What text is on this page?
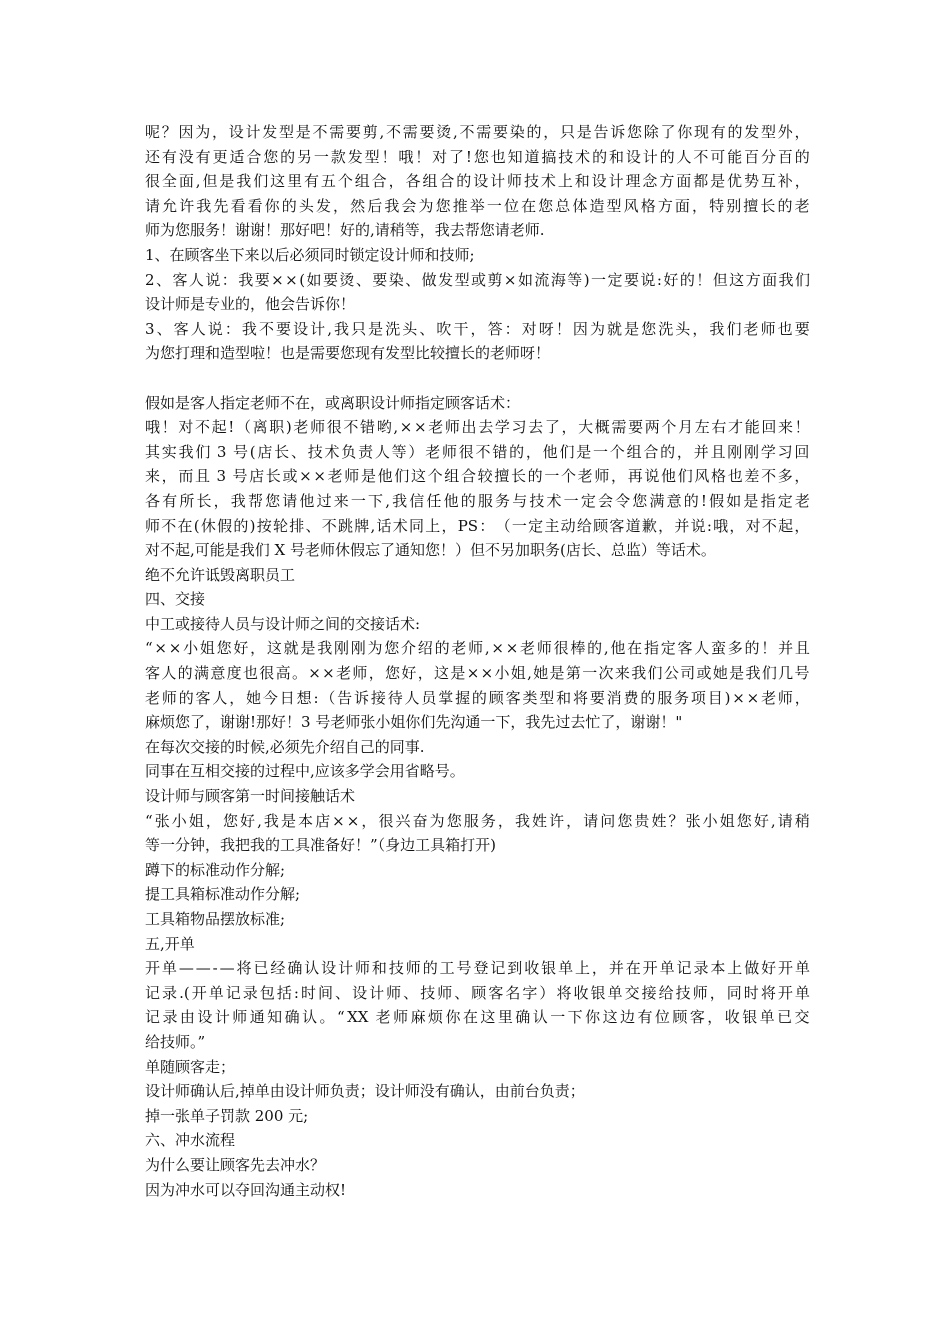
呢 ？ 因 为 ， 设 计 发 型 是 不 需 要 剪 , 不 需 要 烫 , 不 需 要 染 的 ， 只 是 告 诉 您 除 了 你 现 有 的 发 型 外 ，
还 有 没 有 更 适 合 您 的 另 一 款 发 型 ！ 哦 ！ 对 了 ! 您 也 知 道 搞 技 术 的 和 设 计 的 人 不 可 能 百 分 百 的
很 全 面 , 但 是 我 们 这 里 有 五 个 组 合 ， 各 组 合 的 设 计 师 技 术 上 和 设 计 理 念 方 面 都 是 优 势 互 补 ，
请 允 许 我 先 看 看 你 的 头 发 ， 然 后 我 会 为 您 推 举 一 位 在 您 总 体 造 型 风 格 方 面 ， 特 别 擅 长 的 老
师为您服务！谢谢！那好吧！好的,请稍等，我去帮您请老师.
1、在顾客坐下来以后必须同时锁定设计师和技师;
2 、 客 人 说 ： 我 要 × × ( 如 要 烫 、 要 染 、 做 发 型 或 剪 × 如 流 海 等 ) 一 定 要 说 : 好 的 ！ 但 这 方 面 我 们
设计师是专业的，他会告诉你！
3 、 客 人 说 ： 我 不 要 设 计 , 我 只 是 洗 头 、 吹 干 ， 答 ： 对 呀 ！ 因 为 就 是 您 洗 头 ， 我 们 老 师 也 要
为您打理和造型啦！也是需要您现有发型比较擅长的老师呀！
假如是客人指定老师不在，或离职设计师指定顾客话术：
哦 ！ 对 不 起 ! （ 离 职 ) 老 师 很 不 错 哟 , × × 老 师 出 去 学 习 去 了 ， 大 概 需 要 两 个 月 左 右 才 能 回 来 ！
其 实 我 们 3 号 ( 店 长 、 技 术 负 责 人 等 ） 老 师 很 不 错 的 ， 他 们 是 一 个 组 合 的 ， 并 且 刚 刚 学 习 回
来 ， 而 且 3 号 店 长 或 × × 老 师 是 他 们 这 个 组 合 较 擅 长 的 一 个 老 师 ， 再 说 他 们 风 格 也 差 不 多 ，
各 有 所 长 ， 我 帮 您 请 他 过 来 一 下 , 我 信 任 他 的 服 务 与 技 术 一 定 会 令 您 满 意 的 ! 假 如 是 指 定 老
师 不 在 ( 休 假 的 ) 按 轮 排 、 不 跳 牌 , 话 术 同 上 ， PS ： （ 一 定 主 动 给 顾 客 道 歉 ， 并 说 : 哦 ， 对 不 起 ，
对不起,可能是我们 X 号老师休假忘了通知您！）但不另加职务(店长、总监）等话术。
绝不允许诋毁离职员工
四、交接
中工或接待人员与设计师之间的交接话术:
“ × × 小 姐 您 好 ， 这 就 是 我 刚 刚 为 您 介 绍 的 老 师 , × × 老 师 很 棒 的 , 他 在 指 定 客 人 蛮 多 的 ！ 并 且
客 人 的 满 意 度 也 很 高 。 × × 老 师 ， 您 好 ， 这 是 × × 小 姐 , 她 是 第 一 次 来 我 们 公 司 或 她 是 我 们 几 号
老 师 的 客 人 ， 她 今 日 想 : （ 告 诉 接 待 人 员 掌 握 的 顾 客 类 型 和 将 要 消 费 的 服 务 项 目 ) × × 老 师 ，
麻烦您了，谢谢!那好！3 号老师张小姐你们先沟通一下，我先过去忙了，谢谢！"
在每次交接的时候,必须先介绍自己的同事.
同事在互相交接的过程中,应该多学会用省略号。
设计师与顾客第一时间接触话术
“ 张 小 姐 ， 您 好 , 我 是 本 店 × × ， 很 兴 奋 为 您 服 务 ， 我 姓 许 ， 请 问 您 贵 姓 ？ 张 小 姐 您 好 , 请 稍
等一分钟，我把我的工具准备好！”（身边工具箱打开)
蹲下的标准动作分解;
提工具箱标准动作分解;
工具箱物品摆放标准;
五,开单
开 单 — — - — 将 已 经 确 认 设 计 师 和 技 师 的 工 号 登 记 到 收 银 单 上 ， 并 在 开 单 记 录 本 上 做 好 开 单
记 录 .( 开 单 记 录 包 括 : 时 间 、 设 计 师 、 技 师 、 顾 客 名 字 ） 将 收 银 单 交 接 给 技 师 ， 同 时 将 开 单
记 录 由 设 计 师 通 知 确 认 。 “ XX 老 师 麻 烦 你 在 这 里 确 认 一 下 你 这 边 有 位 顾 客 ， 收 银 单 已 交
给技师。”
单随顾客走；
设计师确认后,掉单由设计师负责；设计师没有确认，由前台负责；
掉一张单子罚款 200 元;
六、冲水流程
为什么要让顾客先去冲水？
因为冲水可以夺回沟通主动权!
